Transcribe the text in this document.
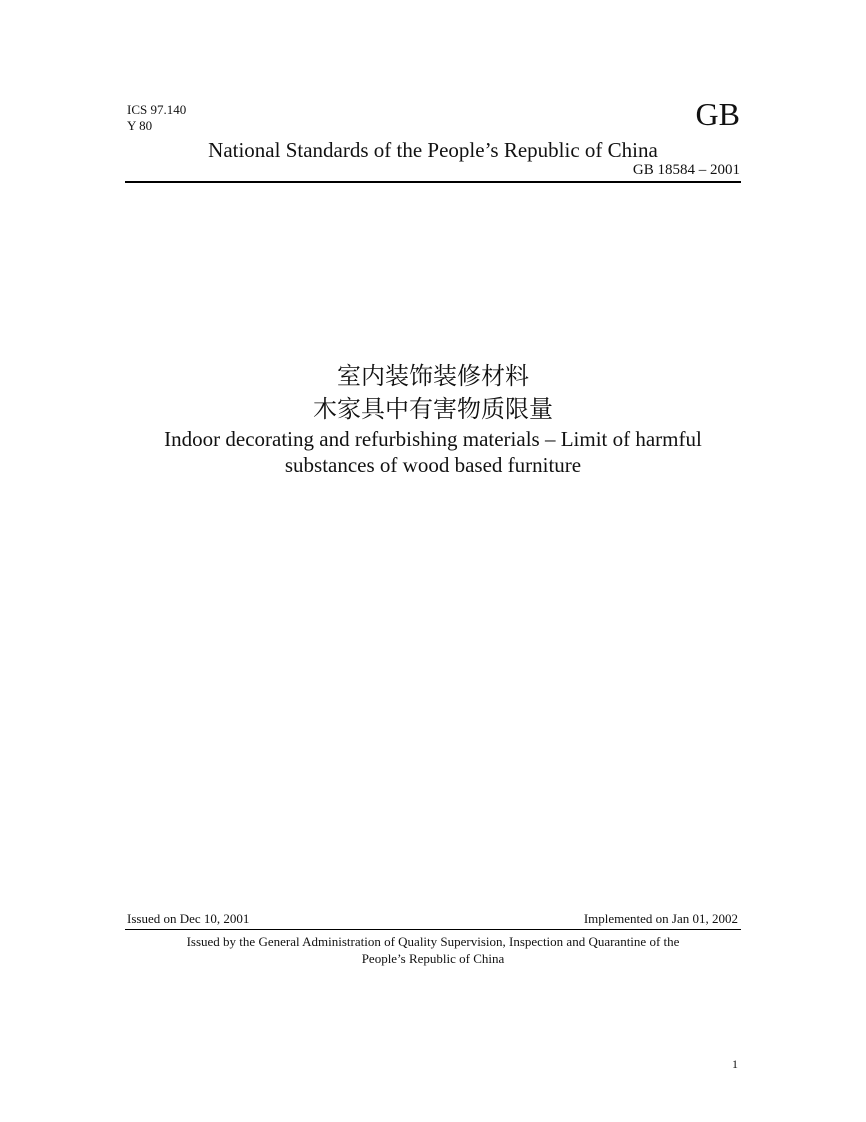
ICS 97.140
Y 80	GB
National Standards of the People’s Republic of China
GB 18584 – 2001
室内装饰装修材料
木家具中有害物质限量
Indoor decorating and refurbishing materials – Limit of harmful
substances of wood based furniture
Issued on Dec 10, 2001	Implemented on Jan 01, 2002
Issued by the General Administration of Quality Supervision, Inspection and Quarantine of the
People’s Republic of China
1
